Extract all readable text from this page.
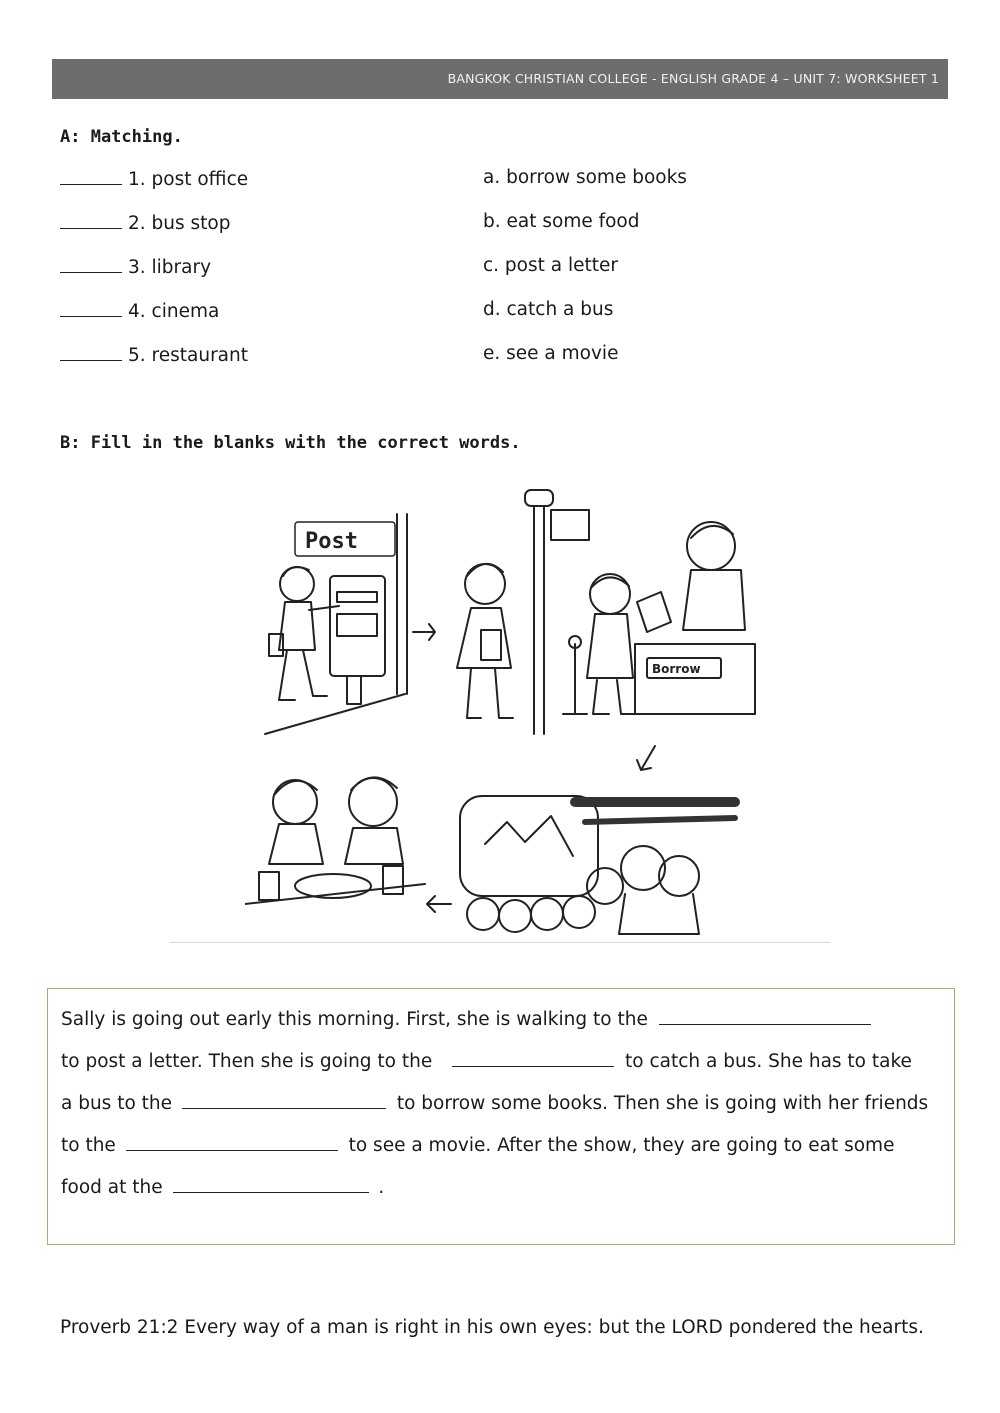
BANGKOK CHRISTIAN COLLEGE - ENGLISH GRADE 4 – UNIT 7: WORKSHEET 1
A: Matching.
1. post office	a. borrow some books
2. bus stop	b. eat some food
3. library	c. post a letter
4. cinema	d. catch a bus
5. restaurant	e. see a movie
B: Fill in the blanks with the correct words.
Post
Borrow
Sally is going out early this morning. First, she is walking to the
to post a letter. Then she is going to the	to catch a bus. She has to take
a bus to the	to borrow some books. Then she is going with her friends
to the	to see a movie. After the show, they are going to eat some
food at the	.
Proverb 21:2 Every way of a man is right in his own eyes: but the LORD pondered the hearts.
